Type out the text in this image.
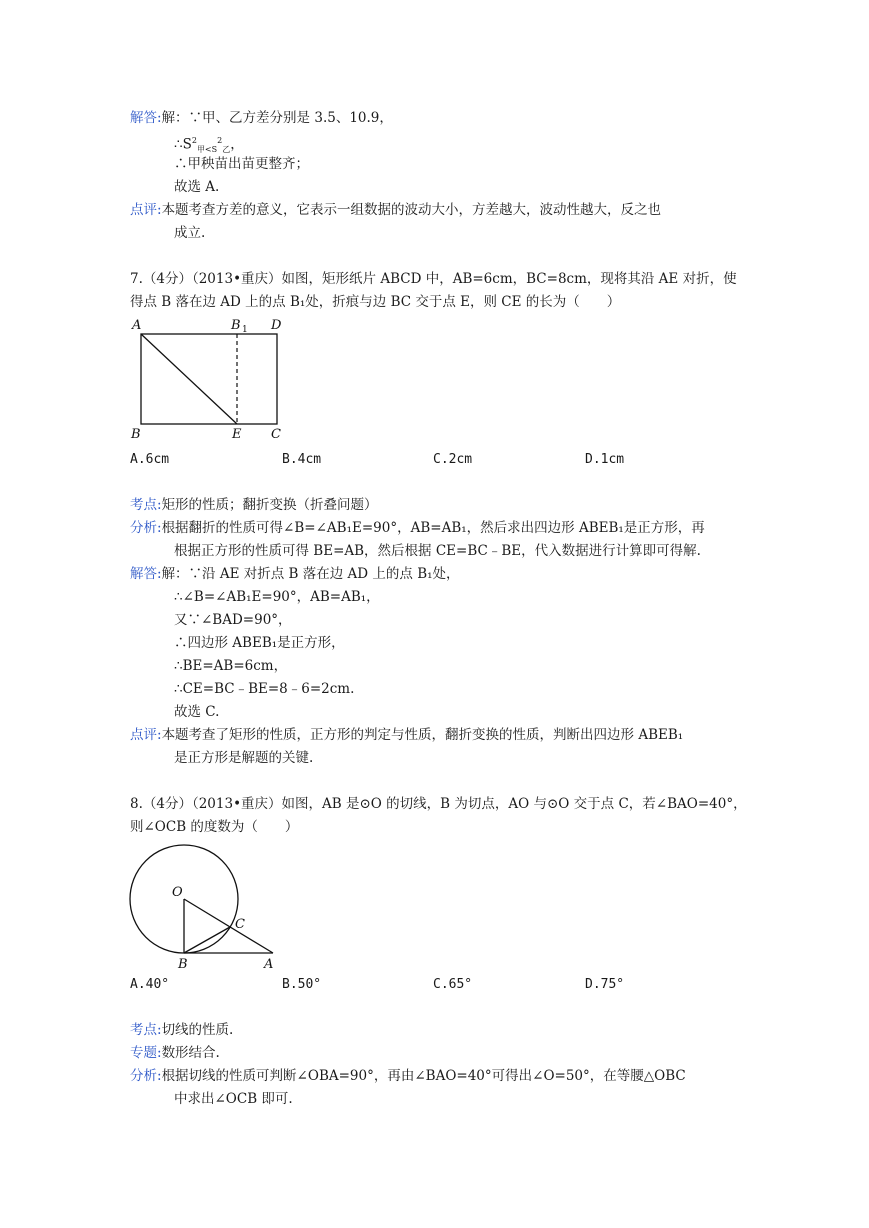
解答:解：∵甲、乙方差分别是 3.5、10.9，
$\therefore S^2_{甲<S}^2_乙$，
∴甲秧苗出苗更整齐；
故选 A.
点评:本题考查方差的意义，它表示一组数据的波动大小，方差越大，波动性越大，反之也
成立.
7.（4分）（2013•重庆）如图，矩形纸片 ABCD 中，AB=6cm，BC=8cm，现将其沿 AE 对折，使
得点 B 落在边 AD 上的点 B₁处，折痕与边 BC 交于点 E，则 CE 的长为（　　）
A	B 1 D
B	E C
A.6cm	B.4cm	C.2cm	D.1cm
考点:矩形的性质；翻折变换（折叠问题）
分析:根据翻折的性质可得∠B=∠AB₁E=90°，AB=AB₁，然后求出四边形 ABEB₁是正方形，再
根据正方形的性质可得 BE=AB，然后根据 CE=BC﹣BE，代入数据进行计算即可得解.
解答:解：∵沿 AE 对折点 B 落在边 AD 上的点 B₁处，
∴∠B=∠AB₁E=90°，AB=AB₁，
又∵∠BAD=90°，
∴四边形 ABEB₁是正方形，
∴BE=AB=6cm，
∴CE=BC﹣BE=8﹣6=2cm.
故选 C.
点评:本题考查了矩形的性质，正方形的判定与性质，翻折变换的性质，判断出四边形 ABEB₁
是正方形是解题的关键.
8.（4分）（2013•重庆）如图，AB 是⊙O 的切线，B 为切点，AO 与⊙O 交于点 C，若∠BAO=40°，
则∠OCB 的度数为（　　）
O
C
B	A
A.40°	B.50°	C.65°	D.75°
考点:切线的性质.
专题:数形结合.
分析:根据切线的性质可判断∠OBA=90°，再由∠BAO=40°可得出∠O=50°，在等腰△OBC
中求出∠OCB 即可.
